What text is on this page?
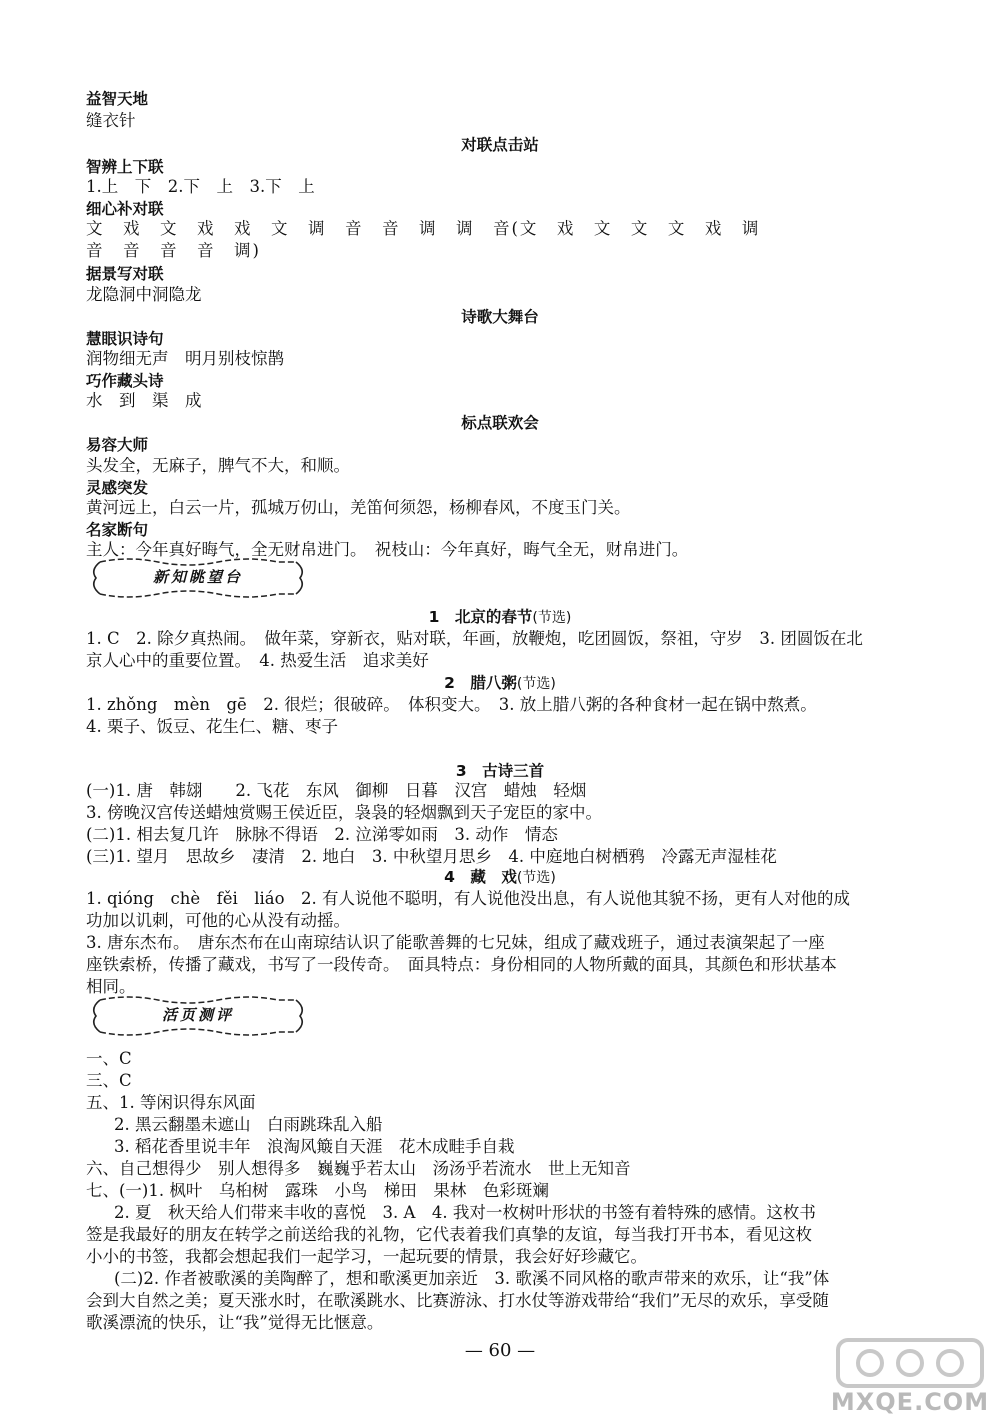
益智天地
缝衣针
对联点击站
智辨上下联
1.上　下　2.下　上　3.下　上
细心补对联
文　戏　文　戏　戏　文　调　音　音　调　调　音(文　戏　文　文　文　戏　调
音　音　音　音　调)
据景写对联
龙隐洞中洞隐龙
诗歌大舞台
慧眼识诗句
润物细无声　明月别枝惊鹊
巧作藏头诗
水　到　渠　成
标点联欢会
易容大师
头发全，无麻子，脾气不大，和顺。
灵感突发
黄河远上，白云一片，孤城万仞山，羌笛何须怨，杨柳春风，不度玉门关。
名家断句
主人：今年真好晦气，全无财帛进门。　祝枝山：今年真好，晦气全无，财帛进门。
新知眺望台
1　北京的春节(节选)
1. C　2. 除夕真热闹。　做年菜，穿新衣，贴对联，年画，放鞭炮，吃团圆饭，祭祖，守岁　3. 团圆饭在北
京人心中的重要位置。　4. 热爱生活　追求美好
2　腊八粥(节选)
1. zhǒng　mèn　gē　2. 很烂；很破碎。　体积变大。　3. 放上腊八粥的各种食材一起在锅中熬煮。
4. 栗子、饭豆、花生仁、糖、枣子
3　古诗三首
(一)1. 唐　韩翃　　2. 飞花　东风　御柳　日暮　汉宫　蜡烛　轻烟
3. 傍晚汉宫传送蜡烛赏赐王侯近臣，袅袅的轻烟飘到天子宠臣的家中。
(二)1. 相去复几许　脉脉不得语　2. 泣涕零如雨　3. 动作　情态
(三)1. 望月　思故乡　凄清　2. 地白　3. 中秋望月思乡　4. 中庭地白树栖鸦　冷露无声湿桂花
4　藏　戏(节选)
1. qióng　chè　fěi　liáo　2. 有人说他不聪明，有人说他没出息，有人说他其貌不扬，更有人对他的成
功加以讥刺，可他的心从没有动摇。
3. 唐东杰布。　唐东杰布在山南琼结认识了能歌善舞的七兄妹，组成了藏戏班子，通过表演架起了一座
座铁索桥，传播了藏戏，书写了一段传奇。　面具特点：身份相同的人物所戴的面具，其颜色和形状基本
相同。
活页测评
一、C
三、C
五、1. 等闲识得东风面
2. 黑云翻墨未遮山　白雨跳珠乱入船
3. 稻花香里说丰年　浪淘风簸自天涯　花木成畦手自栽
六、自己想得少　别人想得多　巍巍乎若太山　汤汤乎若流水　世上无知音
七、(一)1. 枫叶　乌桕树　露珠　小鸟　梯田　果林　色彩斑斓
2. 夏　秋天给人们带来丰收的喜悦　3. A　4. 我对一枚树叶形状的书签有着特殊的感情。这枚书
签是我最好的朋友在转学之前送给我的礼物，它代表着我们真挚的友谊，每当我打开书本，看见这枚
小小的书签，我都会想起我们一起学习，一起玩要的情景，我会好好珍藏它。
(二)2. 作者被歌溪的美陶醉了，想和歌溪更加亲近　3. 歌溪不同风格的歌声带来的欢乐，让“我”体
会到大自然之美；夏天涨水时，在歌溪跳水、比赛游泳、打水仗等游戏带给“我们”无尽的欢乐，享受随
歌溪漂流的快乐，让“我”觉得无比惬意。
— 60 —
MXQE.COM
